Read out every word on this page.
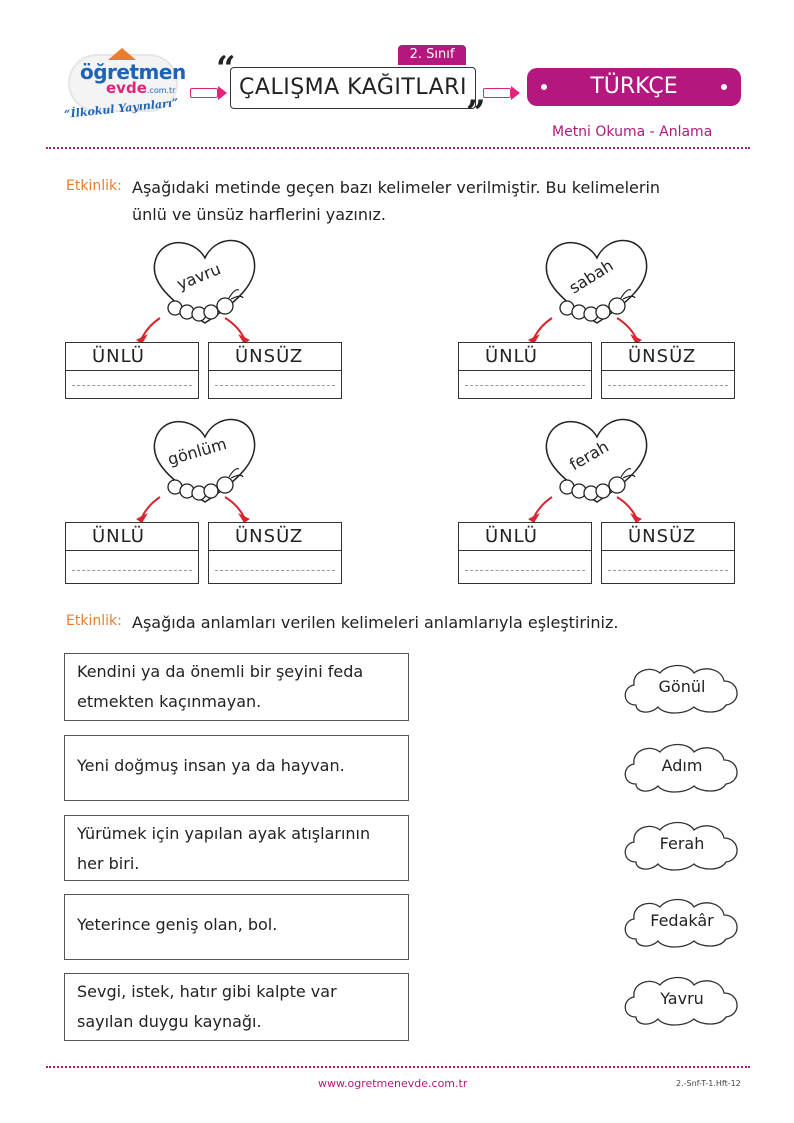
öğretmen
evde.com.tr
“İlkokul Yayınları”
2. Sınıf
“ ÇALIŞMA KAĞITLARI
”
TÜRKÇE
Metni Okuma - Anlama
Etkinlik: Aşağıdaki metinde geçen bazı kelimeler verilmiştir. Bu kelimelerin
ünlü ve ünsüz harflerini yazınız.
yavru
ÜNLÜ	ÜNSÜZ
sabah
ÜNLÜ	ÜNSÜZ
gönlüm
ÜNLÜ	ÜNSÜZ
ferah
ÜNLÜ	ÜNSÜZ
Etkinlik: Aşağıda anlamları verilen kelimeleri anlamlarıyla eşleştiriniz.
Kendini ya da önemli bir şeyini feda
etmekten kaçınmayan.
Yeni doğmuş insan ya da hayvan.
Yürümek için yapılan ayak atışlarının
her biri.
Yeterince geniş olan, bol.
Sevgi, istek, hatır gibi kalpte var
sayılan duygu kaynağı.
Gönül
Adım
Ferah
Fedakâr
Yavru
www.ogretmenevde.com.tr	2.-Snf-T-1.Hft-12
